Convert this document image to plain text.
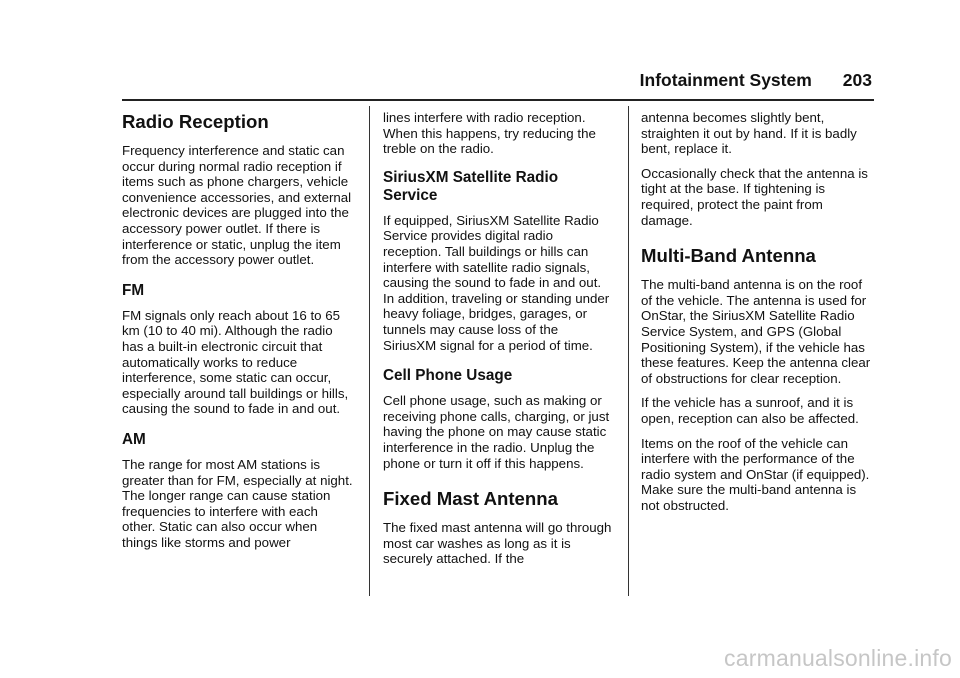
Infotainment System 203
Radio Reception

Frequency interference and static can occur during normal radio reception if items such as phone chargers, vehicle convenience accessories, and external electronic devices are plugged into the accessory power outlet. If there is interference or static, unplug the item from the accessory power outlet.

FM

FM signals only reach about 16 to 65 km (10 to 40 mi). Although the radio has a built-in electronic circuit that automatically works to reduce interference, some static can occur, especially around tall buildings or hills, causing the sound to fade in and out.

AM

The range for most AM stations is greater than for FM, especially at night. The longer range can cause station frequencies to interfere with each other. Static can also occur when things like storms and power

lines interfere with radio reception. When this happens, try reducing the treble on the radio.

SiriusXM Satellite Radio Service

If equipped, SiriusXM Satellite Radio Service provides digital radio reception. Tall buildings or hills can interfere with satellite radio signals, causing the sound to fade in and out. In addition, traveling or standing under heavy foliage, bridges, garages, or tunnels may cause loss of the SiriusXM signal for a period of time.

Cell Phone Usage

Cell phone usage, such as making or receiving phone calls, charging, or just having the phone on may cause static interference in the radio. Unplug the phone or turn it off if this happens.

Fixed Mast Antenna

The fixed mast antenna will go through most car washes as long as it is securely attached. If the

antenna becomes slightly bent, straighten it out by hand. If it is badly bent, replace it.

Occasionally check that the antenna is tight at the base. If tightening is required, protect the paint from damage.

Multi-Band Antenna

The multi-band antenna is on the roof of the vehicle. The antenna is used for OnStar, the SiriusXM Satellite Radio Service System, and GPS (Global Positioning System), if the vehicle has these features. Keep the antenna clear of obstructions for clear reception.

If the vehicle has a sunroof, and it is open, reception can also be affected.

Items on the roof of the vehicle can interfere with the performance of the radio system and OnStar (if equipped). Make sure the multi-band antenna is not obstructed.

carmanualsonline.info
